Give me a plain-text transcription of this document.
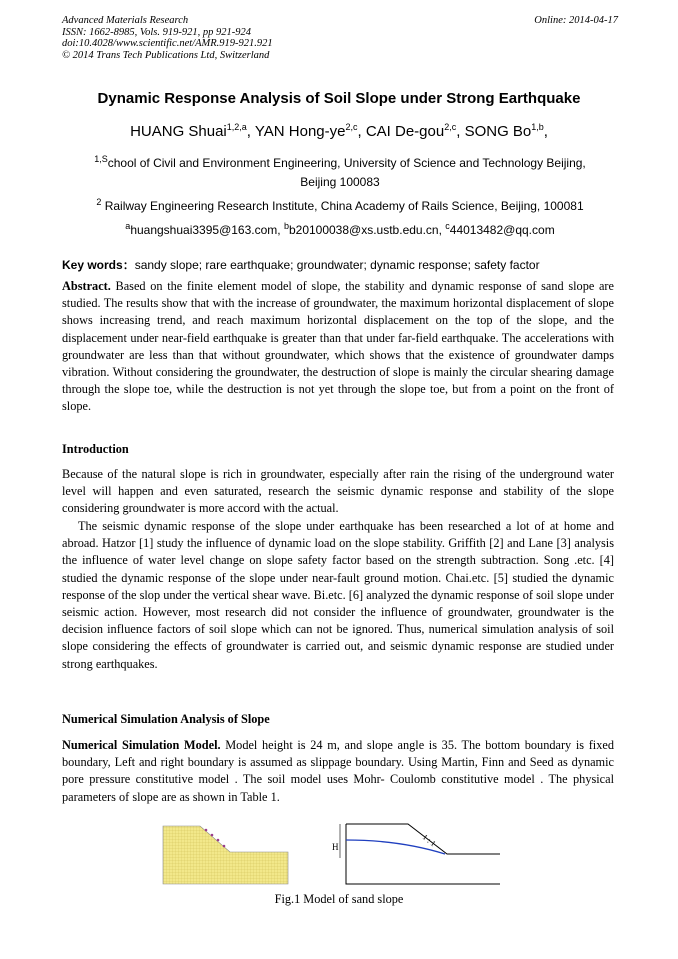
Advanced Materials Research
ISSN: 1662-8985, Vols. 919-921, pp 921-924
doi:10.4028/www.scientific.net/AMR.919-921.921
© 2014 Trans Tech Publications Ltd, Switzerland
Online: 2014-04-17
Dynamic Response Analysis of Soil Slope under Strong Earthquake
HUANG Shuai$^{1,2,a}$, YAN Hong-ye$^{2,c}$, CAI De-gou$^{2,c}$, SONG Bo$^{1,b}$,
$^{1,S}$chool of Civil and Environment Engineering, University of Science and Technology Beijing,
Beijing 100083
$^2$ Railway Engineering Research Institute, China Academy of Rails Science, Beijing, 100081
$^a$huangshuai3395@163.com, $^b$b20100038@xs.ustb.edu.cn, $^c$44013482@qq.com
Key words：sandy slope; rare earthquake; groundwater; dynamic response; safety factor
Abstract. Based on the finite element model of slope, the stability and dynamic response of sand slope are studied. The results show that with the increase of groundwater, the maximum horizontal displacement of slope shows increasing trend, and reach maximum horizontal displacement on the top of the slope, and the displacement under near-field earthquake is greater than that under far-field earthquake. The accelerations with groundwater are less than that without groundwater, which shows that the existence of groundwater damps vibration. Without considering the groundwater, the destruction of slope is mainly the circular shearing damage through the slope toe, while the destruction is not yet through the slope toe, but from a point on the front of slope.
Introduction
Because of the natural slope is rich in groundwater, especially after rain the rising of the underground water level will happen and even saturated, research the seismic dynamic response and stability of the slope considering groundwater is more accord with the actual.
The seismic dynamic response of the slope under earthquake has been researched a lot of at home and abroad. Hatzor [1] study the influence of dynamic load on the slope stability. Griffith [2] and Lane [3] analysis the influence of water level change on slope safety factor based on the strength subtraction. Song .etc. [4] studied the dynamic response of the slope under near-fault ground motion. Chai.etc. [5] studied the dynamic response of the slop under the vertical shear wave. Bi.etc. [6] analyzed the dynamic response of soil slope under seismic action. However, most research did not consider the influence of groundwater, groundwater is the decision influence factors of soil slope which can not be ignored. Thus, numerical simulation analysis of soil slope considering the effects of groundwater is carried out, and seismic dynamic response are studied under strong earthquakes.
Numerical Simulation Analysis of Slope
Numerical Simulation Model. Model height is 24 m, and slope angle is 35. The bottom boundary is fixed boundary, Left and right boundary is assumed as slippage boundary. Using Martin, Finn and Seed as dynamic pore pressure constitutive model . The soil model uses Mohr- Coulomb constitutive model . The physical parameters of slope are as shown in Table 1.
H	1 : 1
Fig.1 Model of sand slope
